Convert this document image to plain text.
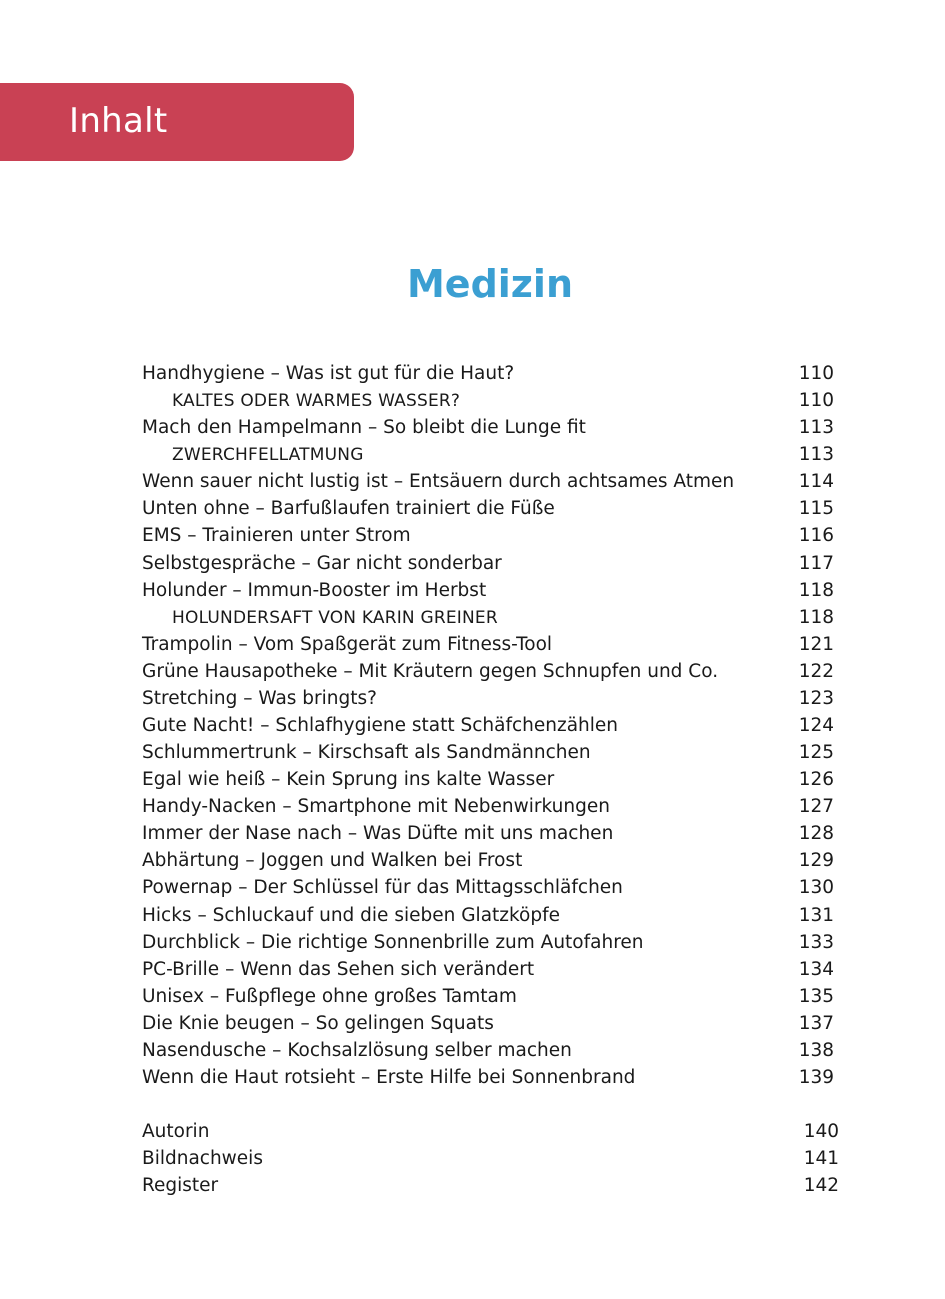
Inhalt
Medizin
Handhygiene – Was ist gut für die Haut?	110
KALTES ODER WARMES WASSER?	110
Mach den Hampelmann – So bleibt die Lunge fit	113
ZWERCHFELLATMUNG	113
Wenn sauer nicht lustig ist – Entsäuern durch achtsames Atmen	114
Unten ohne – Barfußlaufen trainiert die Füße	115
EMS – Trainieren unter Strom	116
Selbstgespräche – Gar nicht sonderbar	117
Holunder – Immun-Booster im Herbst	118
HOLUNDERSAFT VON KARIN GREINER	118
Trampolin – Vom Spaßgerät zum Fitness-Tool	121
Grüne Hausapotheke – Mit Kräutern gegen Schnupfen und Co.	122
Stretching – Was bringts?	123
Gute Nacht! – Schlafhygiene statt Schäfchenzählen	124
Schlummertrunk – Kirschsaft als Sandmännchen	125
Egal wie heiß – Kein Sprung ins kalte Wasser	126
Handy-Nacken – Smartphone mit Nebenwirkungen	127
Immer der Nase nach – Was Düfte mit uns machen	128
Abhärtung – Joggen und Walken bei Frost	129
Powernap – Der Schlüssel für das Mittagsschläfchen	130
Hicks – Schluckauf und die sieben Glatzköpfe	131
Durchblick – Die richtige Sonnenbrille zum Autofahren	133
PC-Brille – Wenn das Sehen sich verändert	134
Unisex – Fußpflege ohne großes Tamtam	135
Die Knie beugen – So gelingen Squats	137
Nasendusche – Kochsalzlösung selber machen	138
Wenn die Haut rotsieht – Erste Hilfe bei Sonnenbrand	139
Autorin	140
Bildnachweis	141
Register	142
